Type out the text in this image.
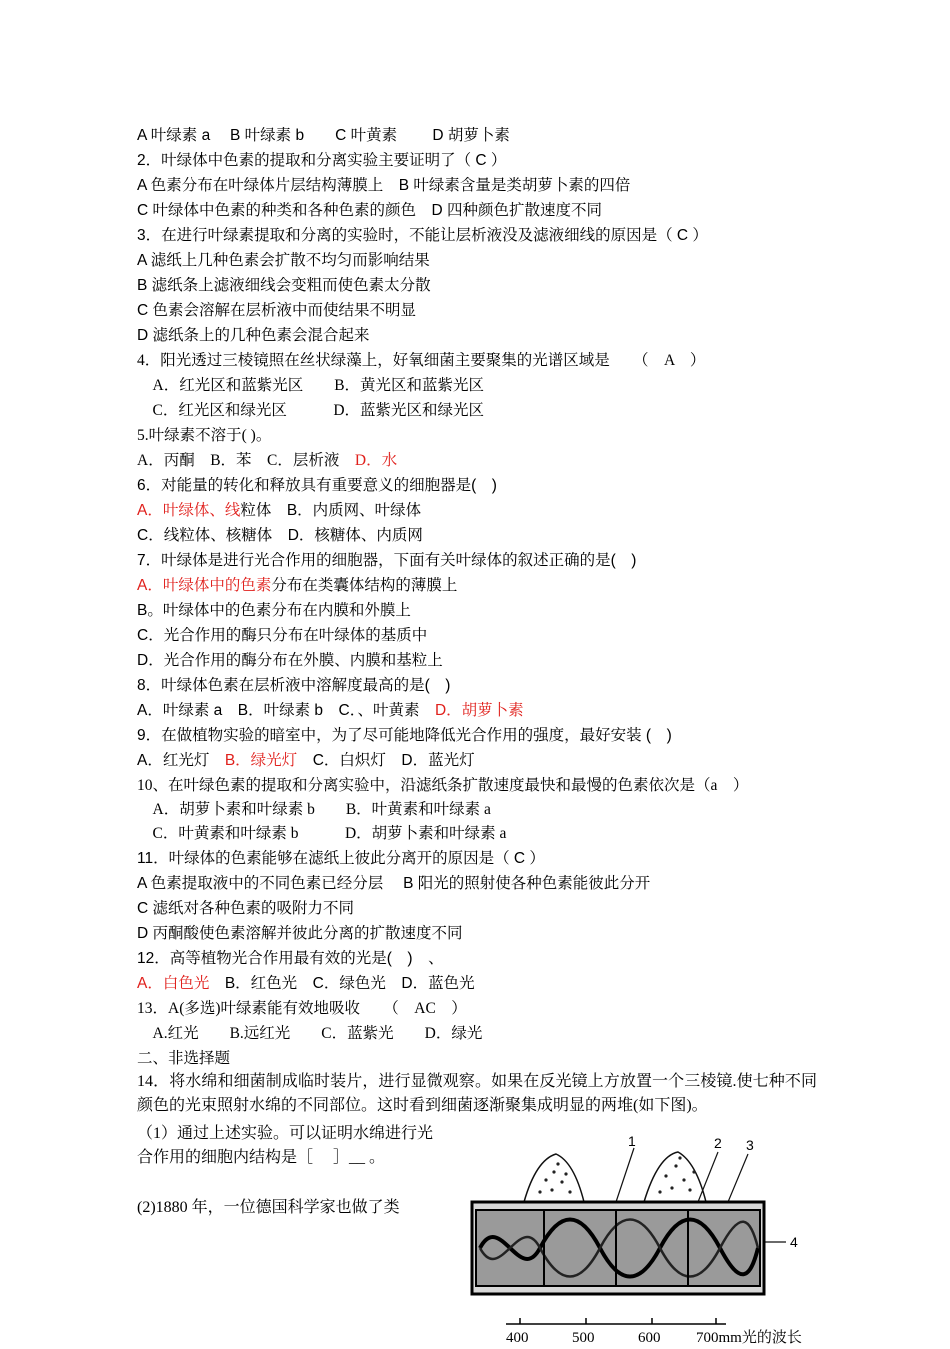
A 叶绿素 a　 B 叶绿素 b　　C 叶黄素　　 D 胡萝卜素
2．叶绿体中色素的提取和分离实验主要证明了（ C ）
A 色素分布在叶绿体片层结构薄膜上　B 叶绿素含量是类胡萝卜素的四倍
C 叶绿体中色素的种类和各种色素的颜色　D 四种颜色扩散速度不同
3．在进行叶绿素提取和分离的实验时，不能让层析液没及滤液细线的原因是（ C ）
A 滤纸上几种色素会扩散不均匀而影响结果
B 滤纸条上滤液细线会变粗而使色素太分散
C 色素会溶解在层析液中而使结果不明显
D 滤纸条上的几种色素会混合起来
4．阳光透过三棱镜照在丝状绿藻上，好氧细菌主要聚集的光谱区域是　　（　A　）
　A．红光区和蓝紫光区　　B．黄光区和蓝紫光区
　C．红光区和绿光区　　　D．蓝紫光区和绿光区
5.叶绿素不溶于( )。
A．丙酮　B．苯　C．层析液　D．水
6．对能量的转化和释放具有重要意义的细胞器是(　)
A．叶绿体、线粒体　B．内质网、叶绿体
C．线粒体、核糖体　D．核糖体、内质网
7．叶绿体是进行光合作用的细胞器，下面有关叶绿体的叙述正确的是(　)
A．叶绿体中的色素分布在类囊体结构的薄膜上
B。叶绿体中的色素分布在内膜和外膜上
C．光合作用的酶只分布在叶绿体的基质中
D．光合作用的酶分布在外膜、内膜和基粒上
8．叶绿体色素在层析液中溶解度最高的是(　)
A．叶绿素 a　B．叶绿素 b　C．、叶黄素　D．胡萝卜素
9．在做植物实验的暗室中，为了尽可能地降低光合作用的强度，最好安装 (　)
A．红光灯　B．绿光灯　C．白炽灯　D．蓝光灯
10、在叶绿色素的提取和分离实验中，沿滤纸条扩散速度最快和最慢的色素依次是（a　）
　A．胡萝卜素和叶绿素 b　　B．叶黄素和叶绿素 a
　C．叶黄素和叶绿素 b　　　D．胡萝卜素和叶绿素 a
11．叶绿体的色素能够在滤纸上彼此分离开的原因是（ C ）
A 色素提取液中的不同色素已经分层　 B 阳光的照射使各种色素能彼此分开
C 滤纸对各种色素的吸附力不同
D 丙酮酸使色素溶解并彼此分离的扩散速度不同
12．高等植物光合作用最有效的光是(　)　、
A．白色光　B．红色光　C．绿色光　D．蓝色光
13．A(多选)叶绿素能有效地吸收　　（　AC　）
　A.红光　　B.远红光　　C．蓝紫光　　D．绿光
二、非选择题
14．将水绵和细菌制成临时装片，进行显微观察。如果在反光镜上方放置一个三棱镜.使七种不同颜色的光束照射水绵的不同部位。这时看到细菌逐渐聚集成明显的两堆(如下图)。
（1）通过上述实验。可以证明水绵进行光合作用的细胞内结构是［　 ］__ 。
(2)1880 年，一位德国科学家也做了类
1	2 3
4
400	500	600 700mm光的波长
